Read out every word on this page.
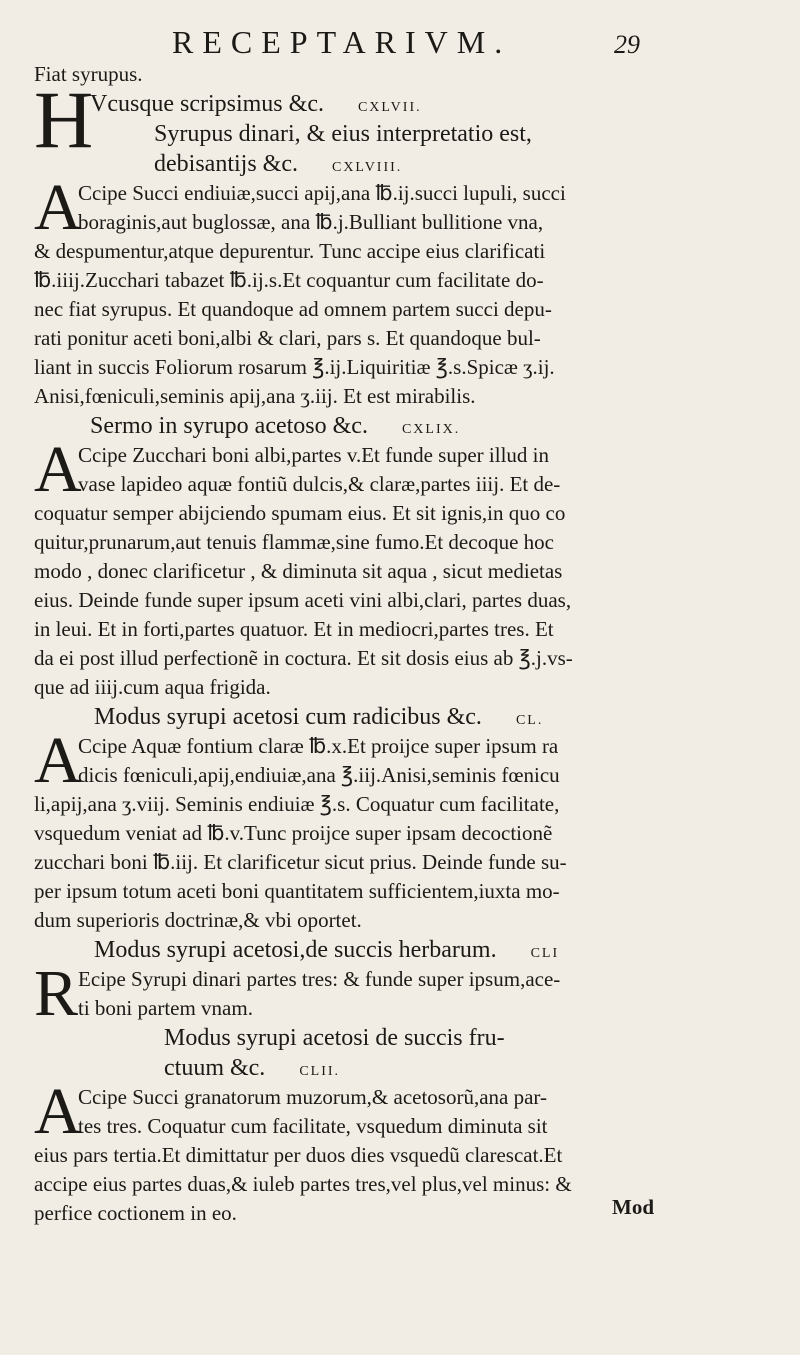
RECEPTARIVM.	29
Fiat syrupus.
H
Vcusque scripsimus &c. CXLVII.
Syrupus dinari, & eius interpretatio est,
debisantijs &c. CXLVIII.
A
Ccipe Succi endiuiæ,succi apij,ana ℔.ij.succi lupuli, succi
boraginis,aut buglossæ, ana ℔.j.Bulliant bullitione vna,
& despumentur,atque depurentur. Tunc accipe eius clarificati
℔.iiij.Zucchari tabazet ℔.ij.s.Et coquantur cum facilitate do-
nec fiat syrupus. Et quandoque ad omnem partem succi depu-
rati ponitur aceti boni,albi & clari, pars s. Et quandoque bul-
liant in succis Foliorum rosarum ℥.ij.Liquiritiæ ℥.s.Spicæ ʒ.ij.
Anisi,fœniculi,seminis apij,ana ʒ.iij. Et est mirabilis.
Sermo in syrupo acetoso &c. CXLIX.
A
Ccipe Zucchari boni albi,partes v.Et funde super illud in
vase lapideo aquæ fontiũ dulcis,& claræ,partes iiij. Et de-
coquatur semper abijciendo spumam eius. Et sit ignis,in quo co
quitur,prunarum,aut tenuis flammæ,sine fumo.Et decoque hoc
modo , donec clarificetur , & diminuta sit aqua , sicut medietas
eius. Deinde funde super ipsum aceti vini albi,clari, partes duas,
in leui. Et in forti,partes quatuor. Et in mediocri,partes tres. Et
da ei post illud perfectionẽ in coctura. Et sit dosis eius ab ℥.j.vs-
que ad iiij.cum aqua frigida.
Modus syrupi acetosi cum radicibus &c. CL.
A
Ccipe Aquæ fontium claræ ℔.x.Et proijce super ipsum ra
dicis fœniculi,apij,endiuiæ,ana ℥.iij.Anisi,seminis fœnicu
li,apij,ana ʒ.viij. Seminis endiuiæ ℥.s. Coquatur cum facilitate,
vsquedum veniat ad ℔.v.Tunc proijce super ipsam decoctionẽ
zucchari boni ℔.iij. Et clarificetur sicut prius. Deinde funde su-
per ipsum totum aceti boni quantitatem sufficientem,iuxta mo-
dum superioris doctrinæ,& vbi oportet.
Modus syrupi acetosi,de succis herbarum. CLI
R Ecipe Syrupi dinari partes tres: & funde super ipsum,ace-
ti boni partem vnam.
Modus syrupi acetosi de succis fru-
ctuum &c. CLII.
A
Ccipe Succi granatorum muzorum,& acetosorũ,ana par-
tes tres. Coquatur cum facilitate, vsquedum diminuta sit
eius pars tertia.Et dimittatur per duos dies vsquedũ clarescat.Et
accipe eius partes duas,& iuleb partes tres,vel plus,vel minus: &
perfice coctionem in eo.	Mod
